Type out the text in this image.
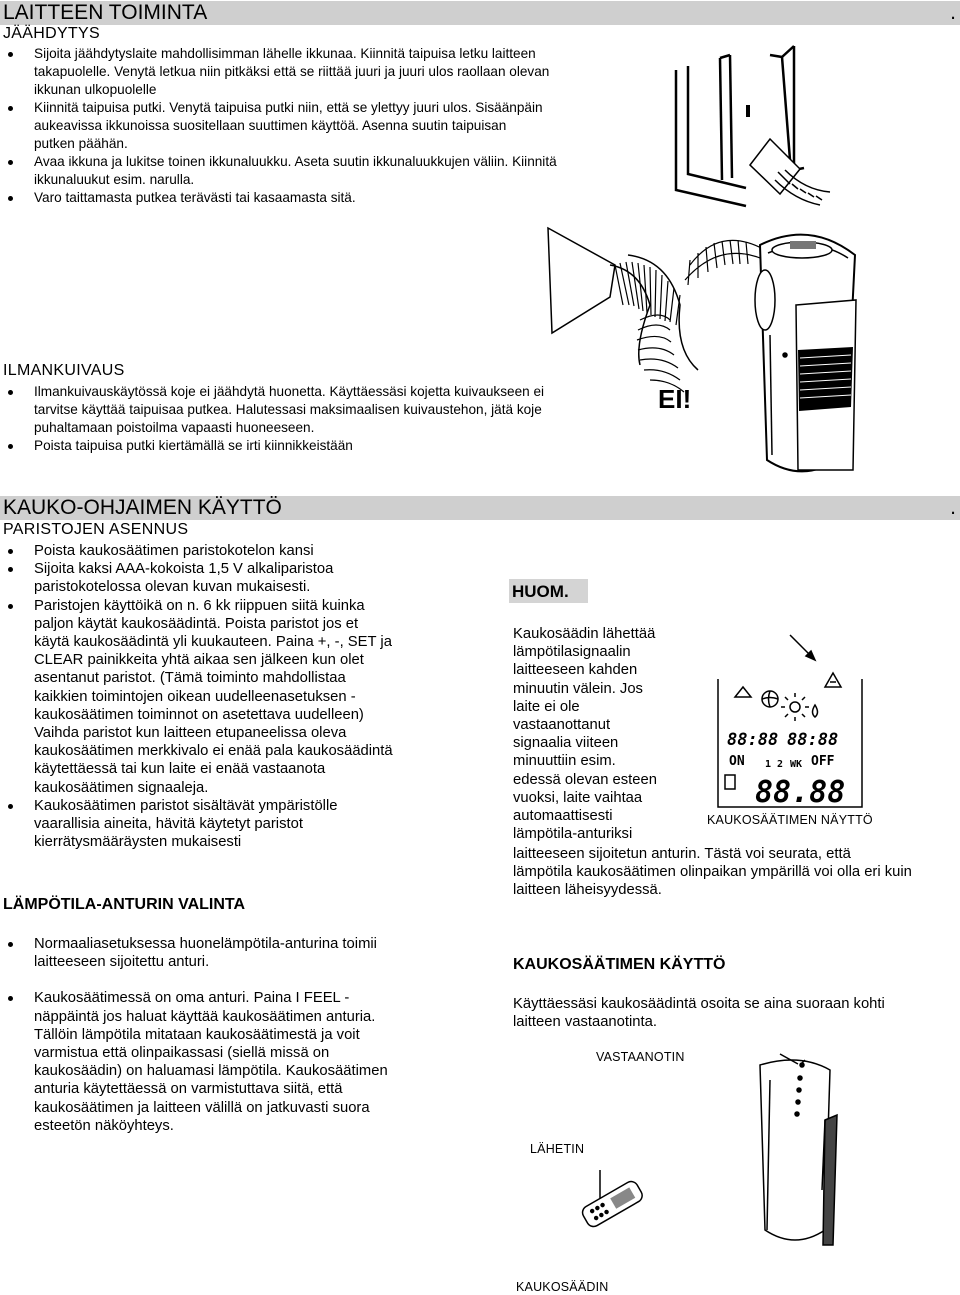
LAITTEEN TOIMINTA	.
JÄÄHDYTYS
Sijoita jäähdytyslaite mahdollisimman lähelle ikkunaa. Kiinnitä taipuisa letku laitteen takapuolelle. Venytä letkua niin pitkäksi että se riittää juuri ja juuri ulos raollaan olevan ikkunan ulkopuolelle
Kiinnitä taipuisa putki. Venytä taipuisa putki niin, että se ylettyy juuri ulos. Sisäänpäin aukeavissa ikkunoissa suositellaan suuttimen käyttöä. Asenna suutin taipuisan putken päähän.
Avaa ikkuna ja lukitse toinen ikkunaluukku. Aseta suutin ikkunaluukkujen väliin. Kiinnitä ikkunaluukut esim. narulla.
Varo taittamasta putkea terävästi tai kasaamasta sitä.
ILMANKUIVAUS
Ilmankuivauskäytössä koje ei jäähdytä huonetta. Käyttäessäsi kojetta kuivaukseen ei tarvitse käyttää taipuisaa putkea. Halutessasi maksimaalisen kuivaustehon, jätä koje puhaltamaan poistoilma vapaasti huoneeseen.
Poista taipuisa putki kiertämällä se irti kiinnikkeistään
EI!
KAUKO-OHJAIMEN KÄYTTÖ	.
PARISTOJEN ASENNUS
Poista kaukosäätimen paristokotelon kansi
Sijoita kaksi AAA-kokoista 1,5 V alkaliparistoa paristokotelossa olevan kuvan mukaisesti.
Paristojen käyttöikä on n. 6 kk riippuen siitä kuinka paljon käytät kaukosäädintä. Poista paristot jos et käytä kaukosäädintä yli kuukauteen. Paina +, -, SET ja CLEAR painikkeita yhtä aikaa sen jälkeen kun olet asentanut paristot. (Tämä toiminto mahdollistaa kaikkien toimintojen oikean uudelleenasetuksen - kaukosäätimen toiminnot on asetettava uudelleen) Vaihda paristot kun laitteen etupaneelissa oleva kaukosäätimen merkkivalo ei enää pala kaukosäädintä käytettäessä tai kun laite ei enää vastaanota kaukosäätimen signaaleja.
Kaukosäätimen paristot sisältävät ympäristölle vaarallisia aineita, hävitä käytetyt paristot kierrätysmääräysten mukaisesti
LÄMPÖTILA-ANTURIN VALINTA
Normaaliasetuksessa huonelämpötila-anturina toimii laitteeseen sijoitettu anturi.
Kaukosäätimessä on oma anturi. Paina I FEEL - näppäintä jos haluat käyttää kaukosäätimen anturia. Tällöin lämpötila mitataan kaukosäätimestä ja voit varmistua että olinpaikassasi (siellä missä on kaukosäädin) on haluamasi lämpötila. Kaukosäätimen anturia käytettäessä on varmistuttava siitä, että kaukosäätimen ja laitteen välillä on jatkuvasti suora esteetön näköyhteys.
HUOM.
Kaukosäädin lähettää
lämpötilasignaalin
laitteeseen kahden
minuutin välein. Jos
laite ei ole
vastaanottanut
signaalia viiteen
minuuttiin esim.
edessä olevan esteen
vuoksi, laite vaihtaa
automaattisesti
lämpötila-anturiksi
laitteeseen sijoitetun anturin. Tästä voi seurata, että lämpötila kaukosäätimen olinpaikan ympärillä voi olla eri kuin laitteen läheisyydessä.
88:88 88:88
ON	OFF
1 2 WK
88.88
KAUKOSÄÄTIMEN NÄYTTÖ
KAUKOSÄÄTIMEN KÄYTTÖ
Käyttäessäsi kaukosäädintä osoita se aina suoraan kohti laitteen vastaanotinta.
VASTAANOTIN
LÄHETIN
KAUKOSÄÄDIN
